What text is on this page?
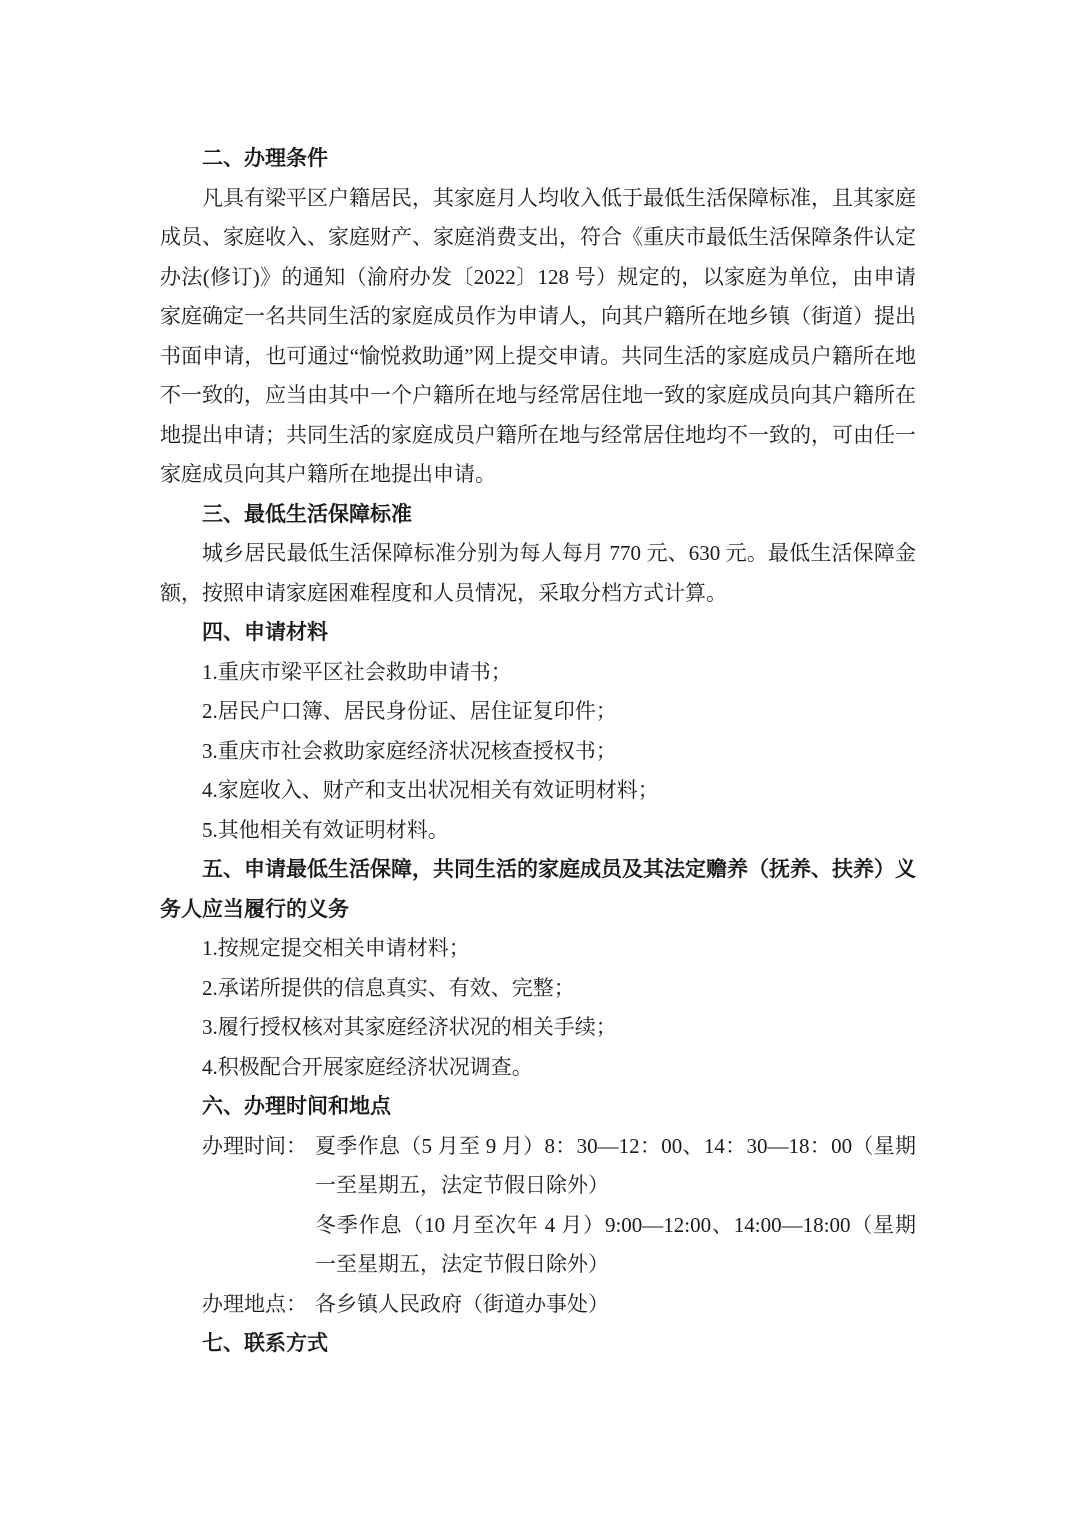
二、办理条件

凡具有梁平区户籍居民，其家庭月人均收入低于最低生活保障标准，且其家庭成员、家庭收入、家庭财产、家庭消费支出，符合《重庆市最低生活保障条件认定办法(修订)》的通知（渝府办发〔2022〕128 号）规定的，以家庭为单位，由申请家庭确定一名共同生活的家庭成员作为申请人，向其户籍所在地乡镇（街道）提出书面申请，也可通过“愉悦救助通”网上提交申请。共同生活的家庭成员户籍所在地不一致的，应当由其中一个户籍所在地与经常居住地一致的家庭成员向其户籍所在地提出申请；共同生活的家庭成员户籍所在地与经常居住地均不一致的，可由任一家庭成员向其户籍所在地提出申请。

三、最低生活保障标准

城乡居民最低生活保障标准分别为每人每月 770 元、630 元。最低生活保障金额，按照申请家庭困难程度和人员情况，采取分档方式计算。

四、申请材料

1.重庆市梁平区社会救助申请书；

2.居民户口簿、居民身份证、居住证复印件；

3.重庆市社会救助家庭经济状况核查授权书；

4.家庭收入、财产和支出状况相关有效证明材料；

5.其他相关有效证明材料。

五、申请最低生活保障，共同生活的家庭成员及其法定赡养（抚养、扶养）义务人应当履行的义务

1.按规定提交相关申请材料；

2.承诺所提供的信息真实、有效、完整；

3.履行授权核对其家庭经济状况的相关手续；

4.积极配合开展家庭经济状况调查。

六、办理时间和地点

办理时间： 夏季作息（5 月至 9 月）8：30—12：00、14：30—18：00（星期一至星期五，法定节假日除外）

冬季作息（10 月至次年 4 月）9:00—12:00、14:00—18:00（星期一至星期五，法定节假日除外）

办理地点： 各乡镇人民政府（街道办事处）

七、联系方式
